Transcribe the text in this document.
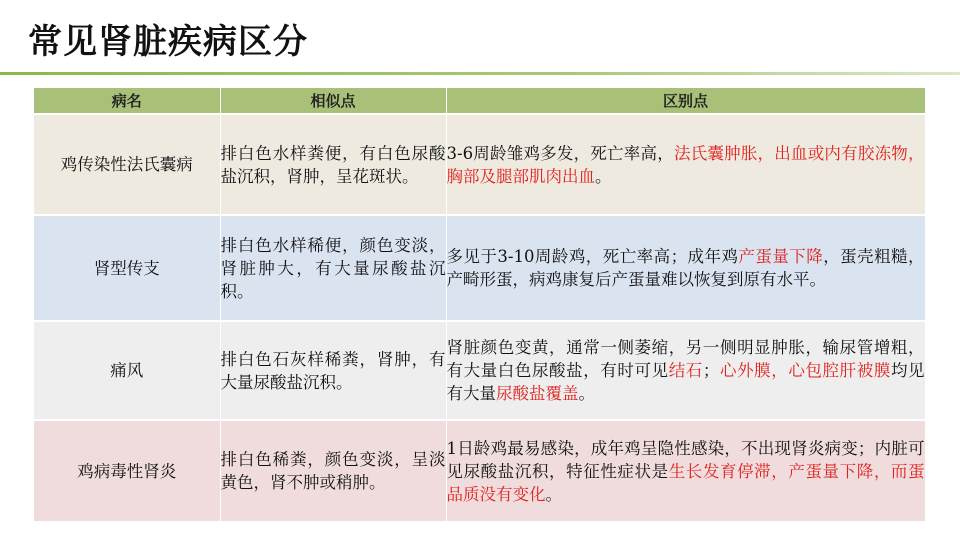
常见肾脏疾病区分
病名	相似点	区别点
鸡传染性法氏囊病	排白色水样粪便，有白色尿酸盐沉积，肾肿，呈花斑状。	3-6周龄雏鸡多发，死亡率高，法氏囊肿胀，出血或内有胶冻物，胸部及腿部肌肉出血。
肾型传支	排白色水样稀便，颜色变淡，肾脏肿大，有大量尿酸盐沉积。	多见于3-10周龄鸡，死亡率高；成年鸡产蛋量下降，蛋壳粗糙，产畸形蛋，病鸡康复后产蛋量难以恢复到原有水平。
痛风	排白色石灰样稀粪，肾肿，有大量尿酸盐沉积。	肾脏颜色变黄，通常一侧萎缩，另一侧明显肿胀，输尿管增粗，有大量白色尿酸盐，有时可见结石；心外膜，心包腔肝被膜均见有大量尿酸盐覆盖。
鸡病毒性肾炎	排白色稀粪，颜色变淡，呈淡黄色，肾不肿或稍肿。	1日龄鸡最易感染，成年鸡呈隐性感染，不出现肾炎病变；内脏可见尿酸盐沉积，特征性症状是生长发育停滞，产蛋量下降，而蛋品质没有变化。
